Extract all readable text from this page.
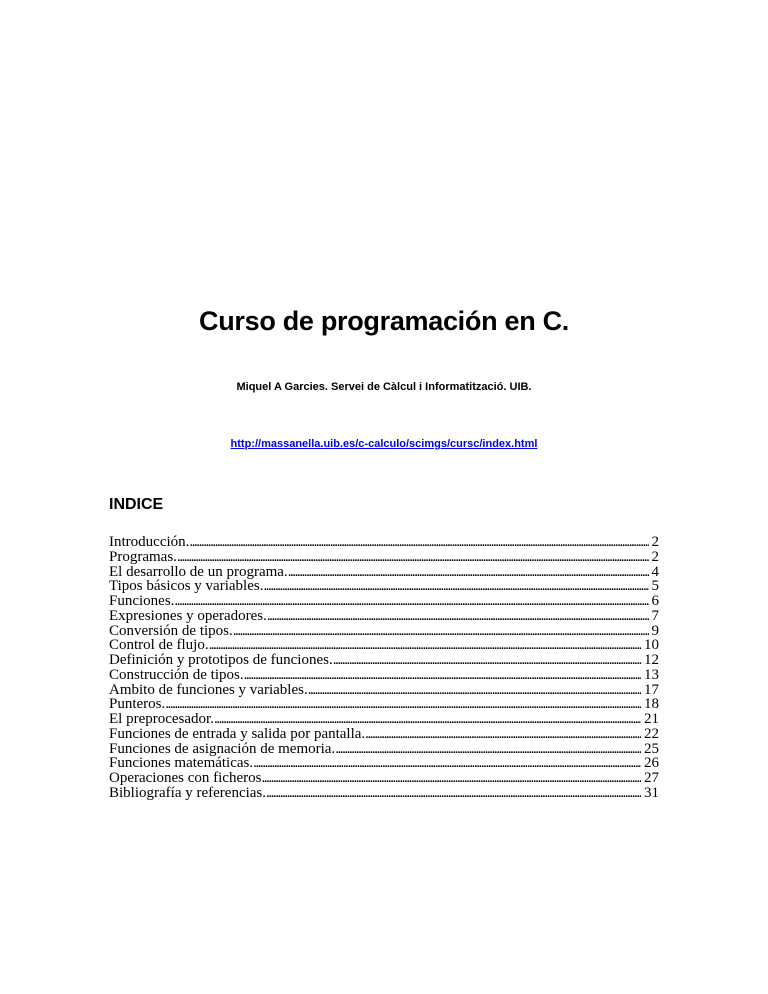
Curso de programación en C.
Miquel A Garcies. Servei de Càlcul i Informatització. UIB.
http://massanella.uib.es/c-calculo/scimgs/cursc/index.html
INDICE
Introducción. . . .	2
Programas. . . .	2
El desarrollo de un programa. . . .	4
Tipos básicos y variables. . . .	5
Funciones. . . .	6
Expresiones y operadores. . . .	7
Conversión de tipos. . . .	9
Control de flujo. . . .	10
Definición y prototipos de funciones. . . .	12
Construcción de tipos. . . .	13
Ámbito de funciones y variables. . . .	17
Punteros. . . .	18
El preprocesador. . . .	21
Funciones de entrada y salida por pantalla. . . .	22
Funciones de asignación de memoria. . . .	25
Funciones matemáticas. . . .	26
Operaciones con ficheros . . .	27
Bibliografía y referencias. . . .	31
